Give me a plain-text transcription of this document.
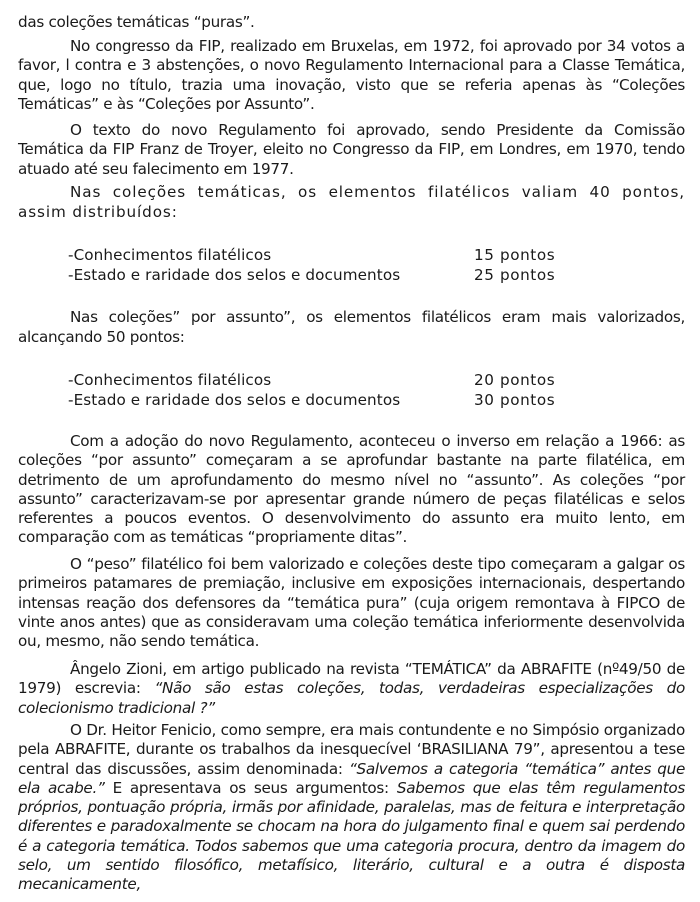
das coleções temáticas “puras”.

No congresso da FIP, realizado em Bruxelas, em 1972, foi aprovado por 34 votos a favor, l contra e 3 abstenções, o novo Regulamento Internacional para a Classe Temática, que, logo no título, trazia uma inovação, visto que se referia apenas às “Coleções Temáticas” e às “Coleções por Assunto”.

O texto do novo Regulamento foi aprovado, sendo Presidente da Comissão Temática da FIP Franz de Troyer, eleito no Congresso da FIP, em Londres, em 1970, tendo atuado até seu falecimento em 1977.

Nas coleções temáticas, os elementos filatélicos valiam 40 pontos, assim distribuídos:

-Conhecimentos filatélicos	15 pontos
-Estado e raridade dos selos e documentos	25 pontos

Nas coleções” por assunto”, os elementos filatélicos eram mais valorizados, alcançando 50 pontos:

-Conhecimentos filatélicos	20 pontos
-Estado e raridade dos selos e documentos	30 pontos

Com a adoção do novo Regulamento, aconteceu o inverso em relação a 1966: as coleções “por assunto” começaram a se aprofundar bastante na parte filatélica, em detrimento de um aprofundamento do mesmo nível no “assunto”. As coleções “por assunto” caracterizavam-se por apresentar grande número de peças filatélicas e selos referentes a poucos eventos. O desenvolvimento do assunto era muito lento, em comparação com as temáticas “propriamente ditas”.

O “peso” filatélico foi bem valorizado e coleções deste tipo começaram a galgar os primeiros patamares de premiação, inclusive em exposições internacionais, despertando intensas reação dos defensores da “temática pura” (cuja origem remontava à FIPCO de vinte anos antes) que as consideravam uma coleção temática inferiormente desenvolvida ou, mesmo, não sendo temática.

Ângelo Zioni, em artigo publicado na revista “TEMÁTICA” da ABRAFITE (nº49/50 de 1979) escrevia: “Não são estas coleções, todas, verdadeiras especializações do colecionismo tradicional ?”

O Dr. Heitor Fenicio, como sempre, era mais contundente e no Simpósio organizado pela ABRAFITE, durante os trabalhos da inesquecível ‘BRASILIANA 79”, apresentou a tese central das discussões, assim denominada: “Salvemos a categoria “temática” antes que ela acabe.” E apresentava os seus argumentos: Sabemos que elas têm regulamentos próprios, pontuação própria, irmãs por afinidade, paralelas, mas de feitura e interpretação diferentes e paradoxalmente se chocam na hora do julgamento final e quem sai perdendo é a categoria temática. Todos sabemos que uma categoria procura, dentro da imagem do selo, um sentido filosófico, metafísico, literário, cultural e a outra é disposta mecanicamente,
